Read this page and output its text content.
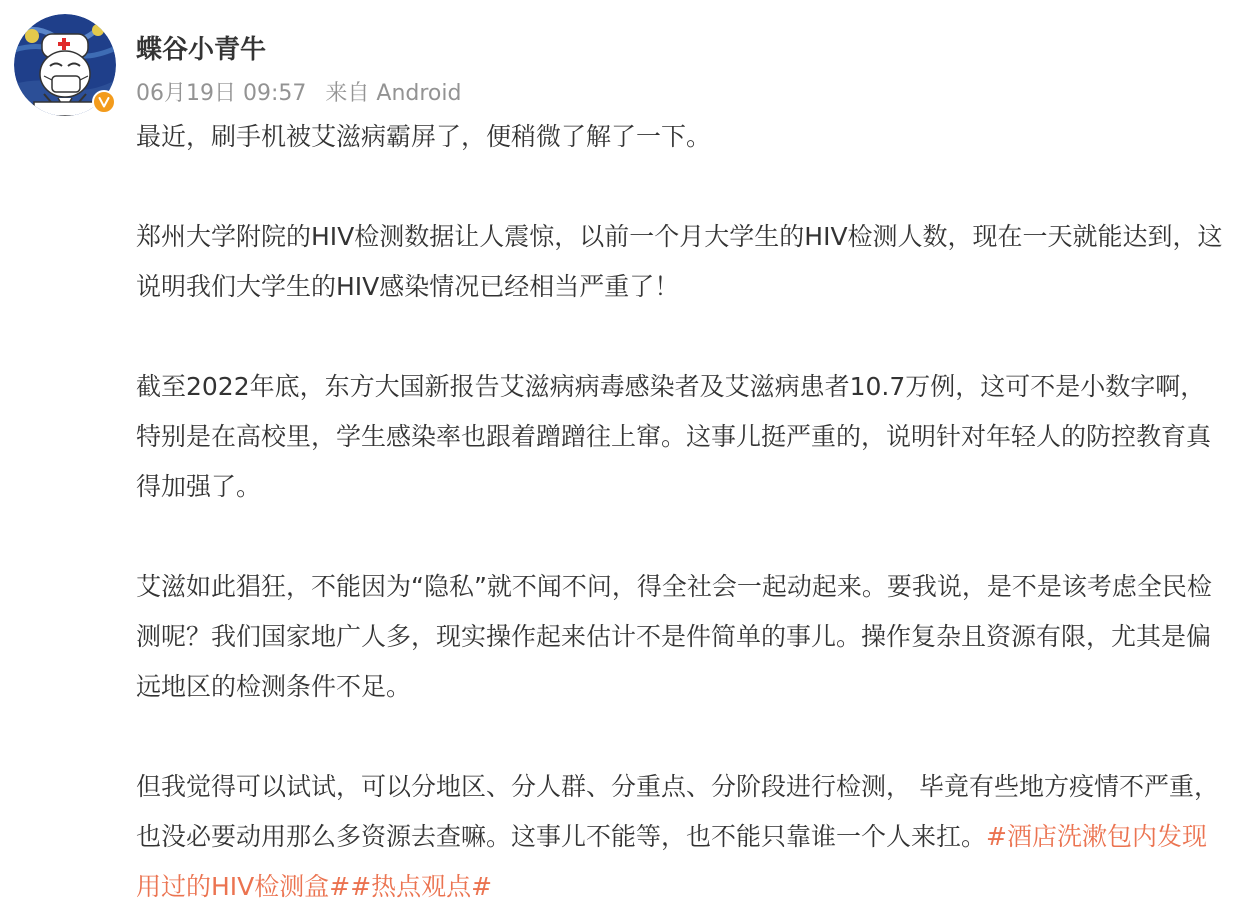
蝶谷小青牛
06月19日 09:57 来自 Android

最近，刷手机被艾滋病霸屏了，便稍微了解了一下。

郑州大学附院的HIV检测数据让人震惊，以前一个月大学生的HIV检测人数，现在一天就能达到，这说明我们大学生的HIV感染情况已经相当严重了！

截至2022年底，东方大国新报告艾滋病病毒感染者及艾滋病患者10.7万例，这可不是小数字啊，特别是在高校里，学生感染率也跟着蹭蹭往上窜。这事儿挺严重的，说明针对年轻人的防控教育真得加强了。

艾滋如此猖狂，不能因为“隐私”就不闻不问，得全社会一起动起来。要我说，是不是该考虑全民检测呢？我们国家地广人多，现实操作起来估计不是件简单的事儿。操作复杂且资源有限，尤其是偏远地区的检测条件不足。

但我觉得可以试试，可以分地区、分人群、分重点、分阶段进行检测， 毕竟有些地方疫情不严重，也没必要动用那么多资源去查嘛。这事儿不能等，也不能只靠谁一个人来扛。#酒店洗漱包内发现用过的HIV检测盒##热点观点#
